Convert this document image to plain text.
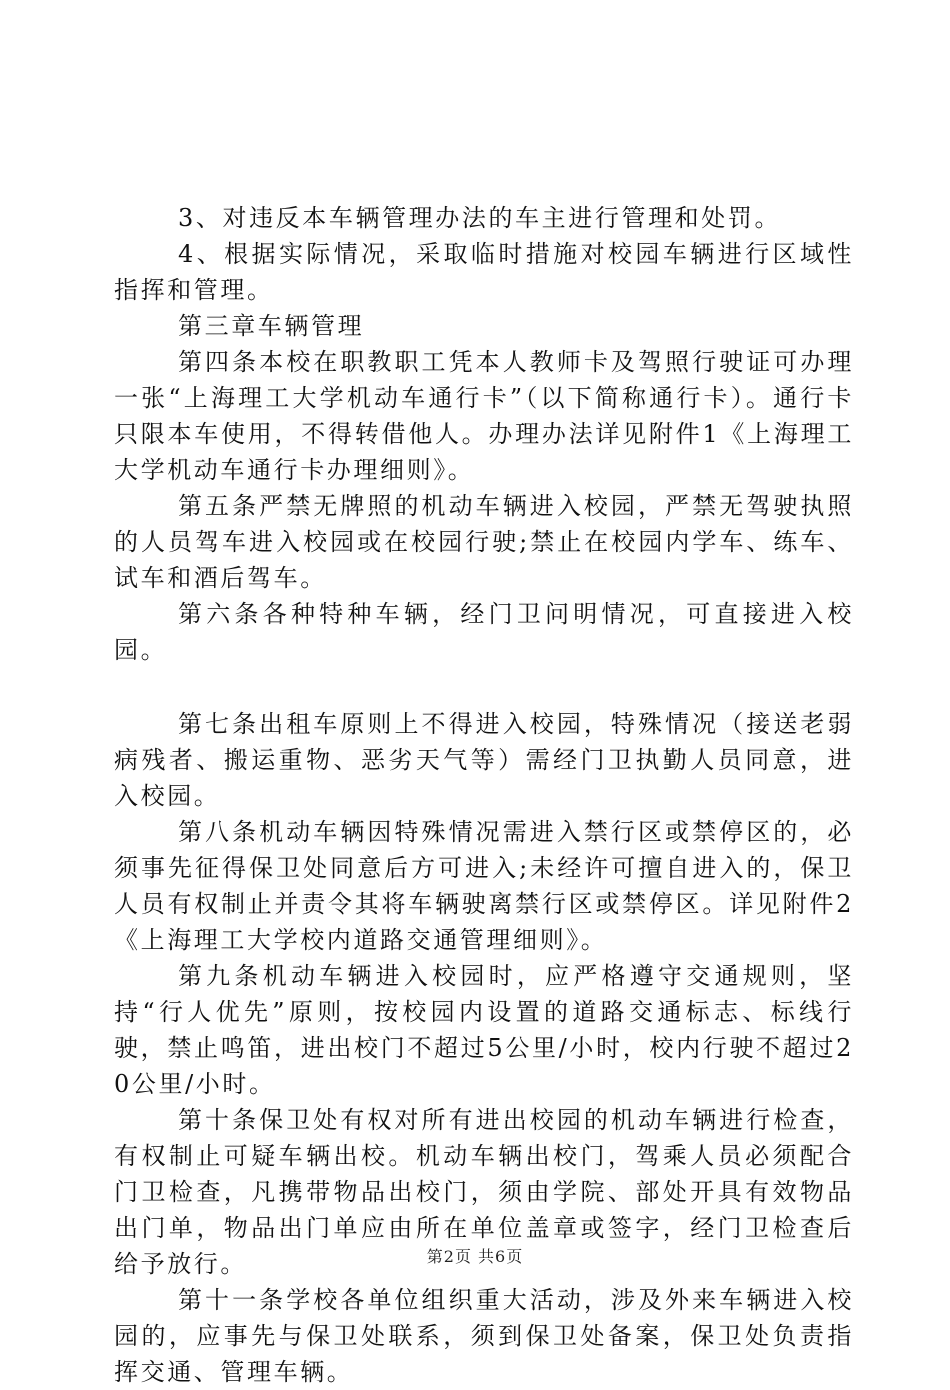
3、对违反本车辆管理办法的车主进行管理和处罚。

4、根据实际情况，采取临时措施对校园车辆进行区域性指挥和管理。

第三章车辆管理

第四条本校在职教职工凭本人教师卡及驾照行驶证可办理一张“上海理工大学机动车通行卡”（以下简称通行卡）。通行卡只限本车使用，不得转借他人。办理办法详见附件1《上海理工大学机动车通行卡办理细则》。

第五条严禁无牌照的机动车辆进入校园，严禁无驾驶执照的人员驾车进入校园或在校园行驶;禁止在校园内学车、练车、试车和酒后驾车。

第六条各种特种车辆，经门卫问明情况，可直接进入校园。

第七条出租车原则上不得进入校园，特殊情况（接送老弱病残者、搬运重物、恶劣天气等）需经门卫执勤人员同意，进入校园。

第八条机动车辆因特殊情况需进入禁行区或禁停区的，必须事先征得保卫处同意后方可进入;未经许可擅自进入的，保卫人员有权制止并责令其将车辆驶离禁行区或禁停区。详见附件2《上海理工大学校内道路交通管理细则》。

第九条机动车辆进入校园时，应严格遵守交通规则，坚持“行人优先”原则，按校园内设置的道路交通标志、标线行驶，禁止鸣笛，进出校门不超过5公里/小时，校内行驶不超过20公里/小时。

第十条保卫处有权对所有进出校园的机动车辆进行检查，有权制止可疑车辆出校。机动车辆出校门，驾乘人员必须配合门卫检查，凡携带物品出校门，须由学院、部处开具有效物品出门单，物品出门单应由所在单位盖章或签字，经门卫检查后给予放行。

第十一条学校各单位组织重大活动，涉及外来车辆进入校园的，应事先与保卫处联系，须到保卫处备案，保卫处负责指挥交通、管理车辆。

第2页 共6页
